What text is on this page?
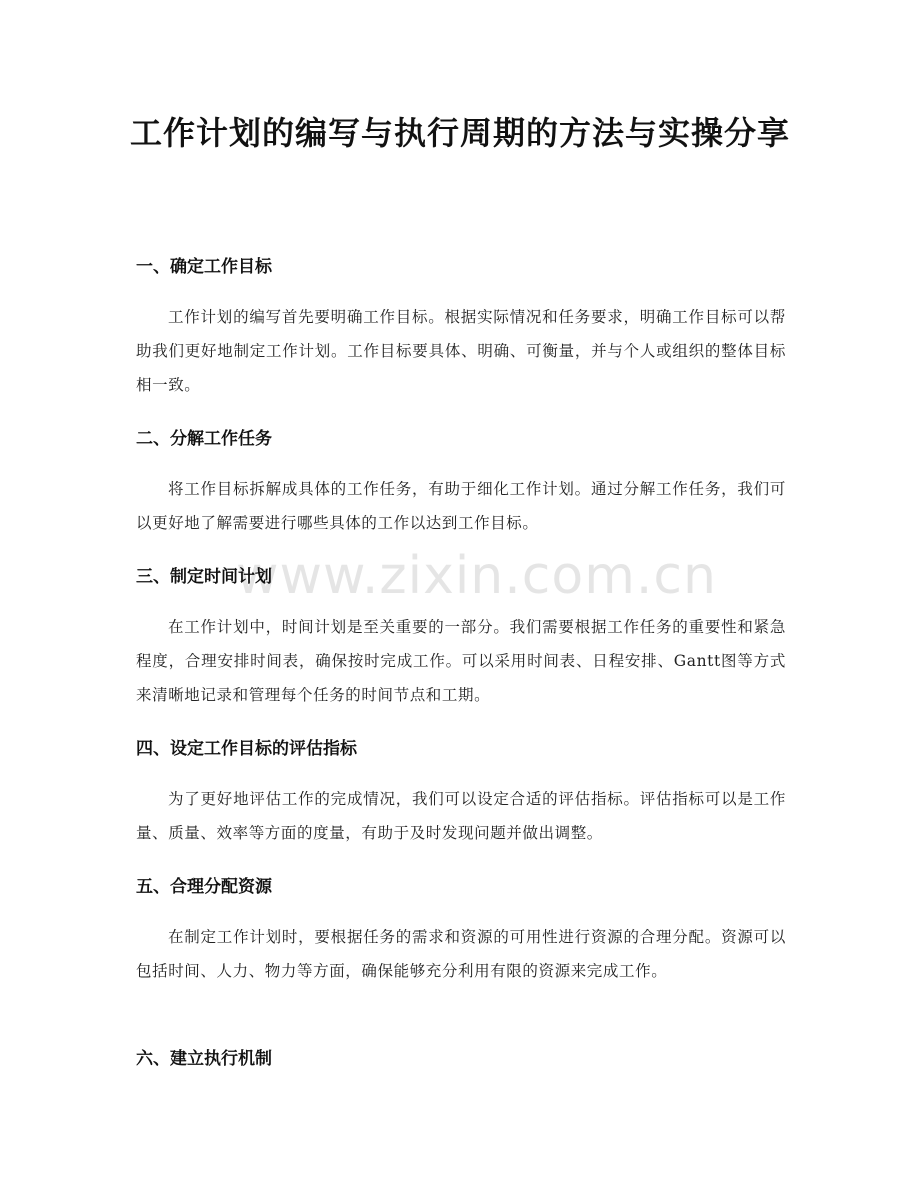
工作计划的编写与执行周期的方法与实操分享
www.zixin.com.cn
一、确定工作目标

工作计划的编写首先要明确工作目标。根据实际情况和任务要求，明确工作目标可以帮助我们更好地制定工作计划。工作目标要具体、明确、可衡量，并与个人或组织的整体目标相一致。

二、分解工作任务

将工作目标拆解成具体的工作任务，有助于细化工作计划。通过分解工作任务，我们可以更好地了解需要进行哪些具体的工作以达到工作目标。

三、制定时间计划

在工作计划中，时间计划是至关重要的一部分。我们需要根据工作任务的重要性和紧急程度，合理安排时间表，确保按时完成工作。可以采用时间表、日程安排、Gantt图等方式来清晰地记录和管理每个任务的时间节点和工期。

四、设定工作目标的评估指标

为了更好地评估工作的完成情况，我们可以设定合适的评估指标。评估指标可以是工作量、质量、效率等方面的度量，有助于及时发现问题并做出调整。

五、合理分配资源

在制定工作计划时，要根据任务的需求和资源的可用性进行资源的合理分配。资源可以包括时间、人力、物力等方面，确保能够充分利用有限的资源来完成工作。

六、建立执行机制
